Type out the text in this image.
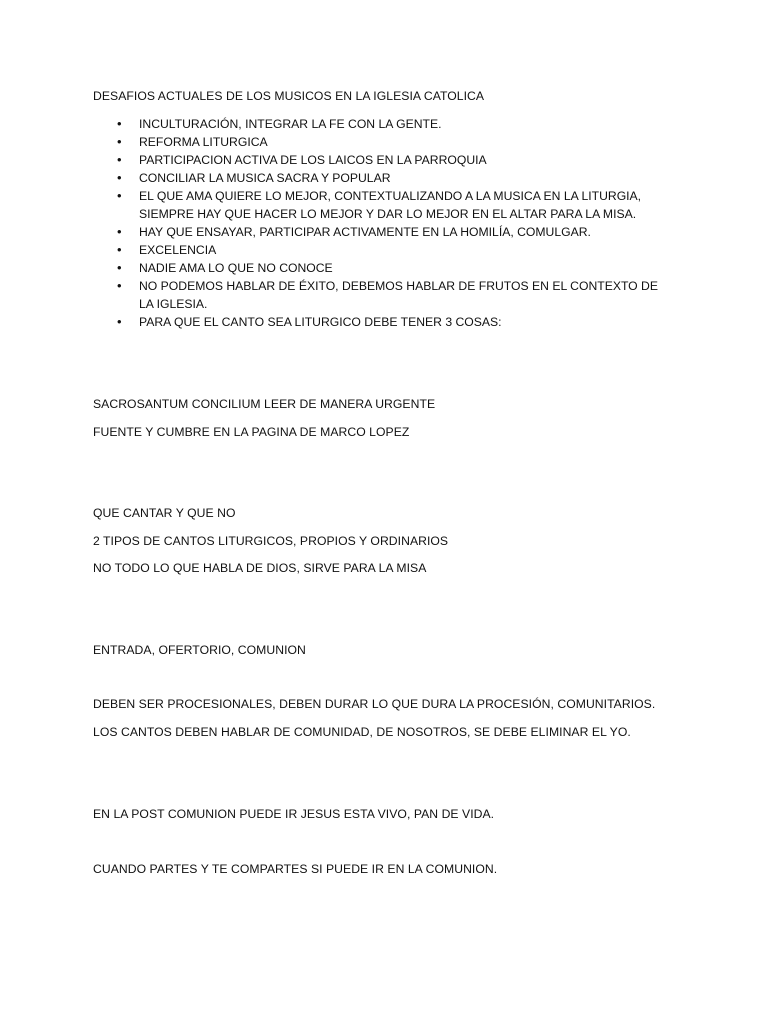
DESAFIOS ACTUALES DE LOS MUSICOS EN LA IGLESIA CATOLICA
• INCULTURACIÓN, INTEGRAR LA FE CON LA GENTE.
• REFORMA LITURGICA
• PARTICIPACION ACTIVA DE LOS LAICOS EN LA PARROQUIA
• CONCILIAR LA MUSICA SACRA Y POPULAR
• EL QUE AMA QUIERE LO MEJOR, CONTEXTUALIZANDO A LA MUSICA EN LA LITURGIA, SIEMPRE HAY QUE HACER LO MEJOR Y DAR LO MEJOR EN EL ALTAR PARA LA MISA.
• HAY QUE ENSAYAR, PARTICIPAR ACTIVAMENTE EN LA HOMILÍA, COMULGAR.
• EXCELENCIA
• NADIE AMA LO QUE NO CONOCE
• NO PODEMOS HABLAR DE ÉXITO, DEBEMOS HABLAR DE FRUTOS EN EL CONTEXTO DE LA IGLESIA.
• PARA QUE EL CANTO SEA LITURGICO DEBE TENER 3 COSAS:
SACROSANTUM CONCILIUM LEER DE MANERA URGENTE
FUENTE Y CUMBRE EN LA PAGINA DE MARCO LOPEZ
QUE CANTAR Y QUE NO
2 TIPOS DE CANTOS LITURGICOS, PROPIOS Y ORDINARIOS
NO TODO LO QUE HABLA DE DIOS, SIRVE PARA LA MISA
ENTRADA, OFERTORIO, COMUNION
DEBEN SER PROCESIONALES, DEBEN DURAR LO QUE DURA LA PROCESIÓN, COMUNITARIOS.
LOS CANTOS DEBEN HABLAR DE COMUNIDAD, DE NOSOTROS, SE DEBE ELIMINAR EL YO.
EN LA POST COMUNION PUEDE IR JESUS ESTA VIVO, PAN DE VIDA.
CUANDO PARTES Y TE COMPARTES SI PUEDE IR EN LA COMUNION.
